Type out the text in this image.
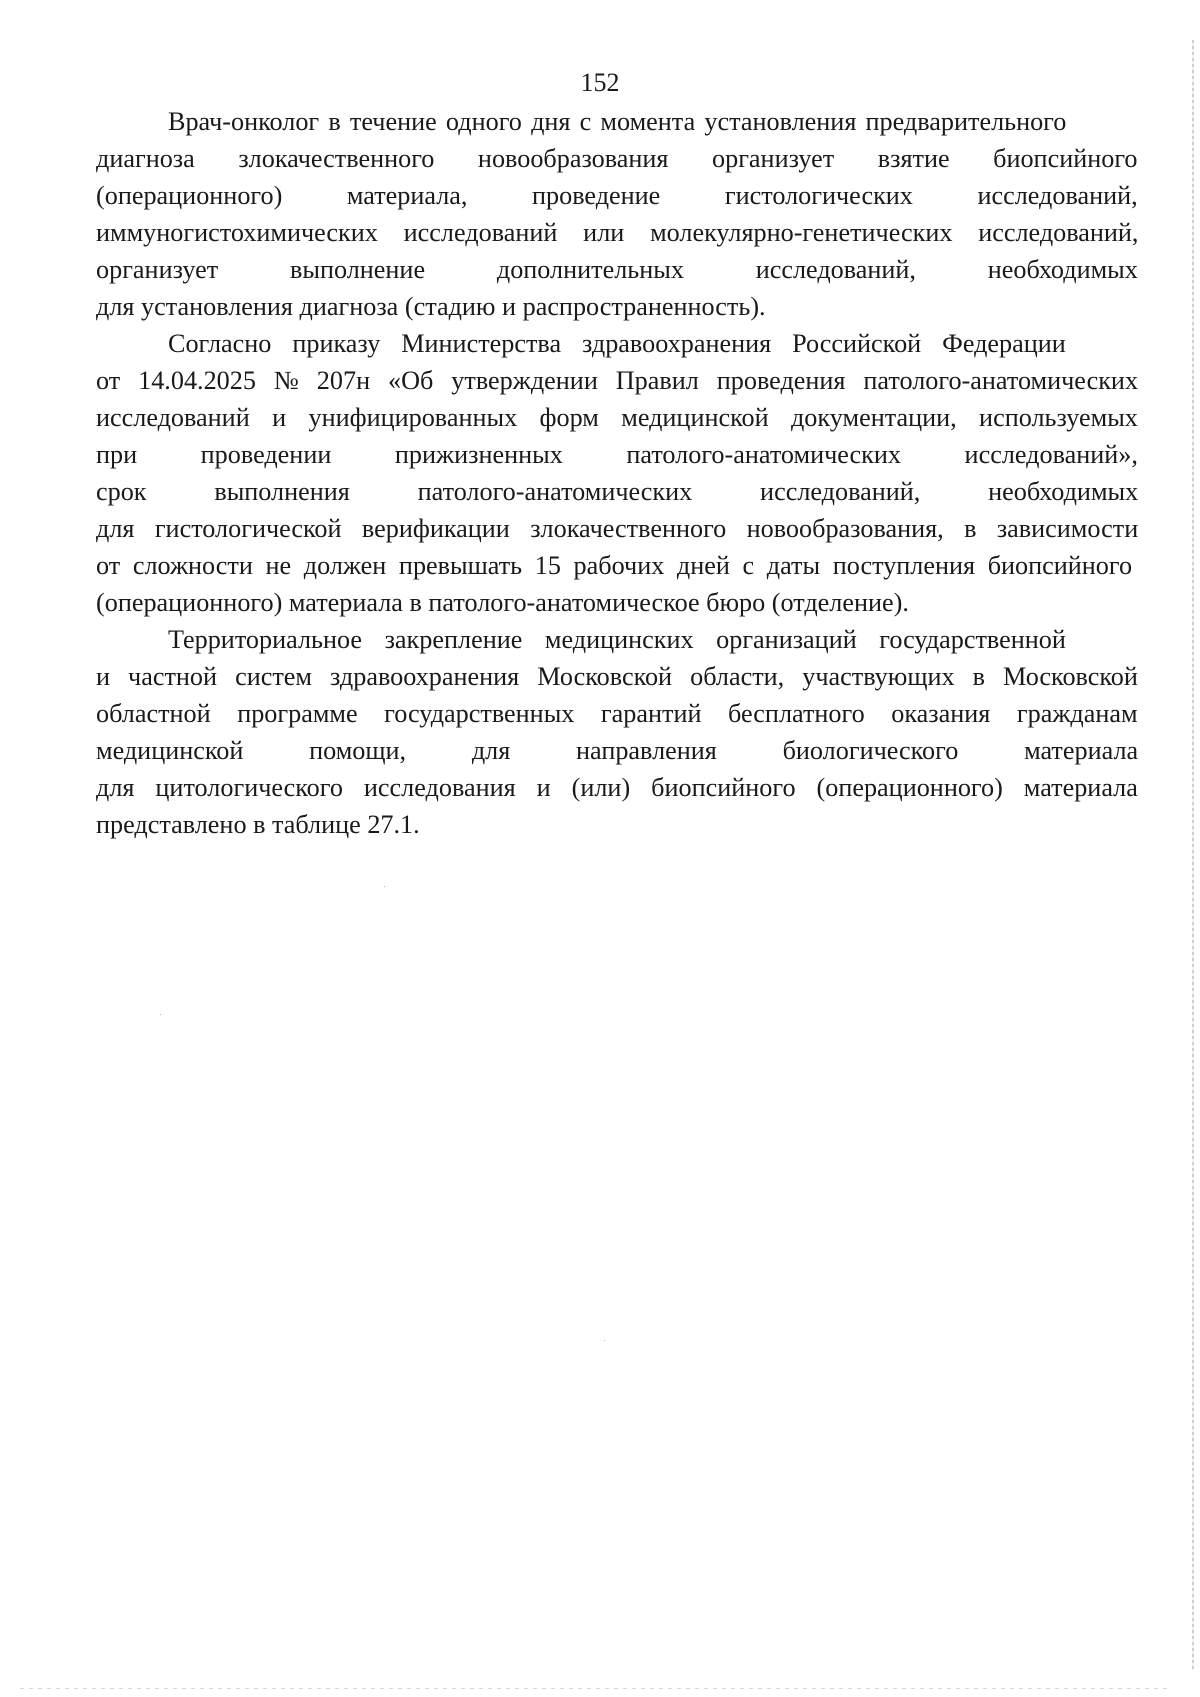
152
Врач-онколог в течение одного дня с момента установления предварительного
диагноза злокачественного новообразования организует взятие биопсийного
(операционного) материала, проведение гистологических исследований,
иммуногистохимических исследований или молекулярно-генетических исследований,
организует выполнение дополнительных исследований, необходимых
для установления диагноза (стадию и распространенность).
Согласно приказу Министерства здравоохранения Российской Федерации
от 14.04.2025 № 207н «Об утверждении Правил проведения патолого-анатомических
исследований и унифицированных форм медицинской документации, используемых
при проведении прижизненных патолого-анатомических исследований»,
срок выполнения патолого-анатомических исследований, необходимых
для гистологической верификации злокачественного новообразования, в зависимости
от сложности не должен превышать 15 рабочих дней с даты поступления биопсийного
(операционного) материала в патолого-анатомическое бюро (отделение).
Территориальное закрепление медицинских организаций государственной
и частной систем здравоохранения Московской области, участвующих в Московской
областной программе государственных гарантий бесплатного оказания гражданам
медицинской помощи, для направления биологического материала
для цитологического исследования и (или) биопсийного (операционного) материала
представлено в таблице 27.1.
